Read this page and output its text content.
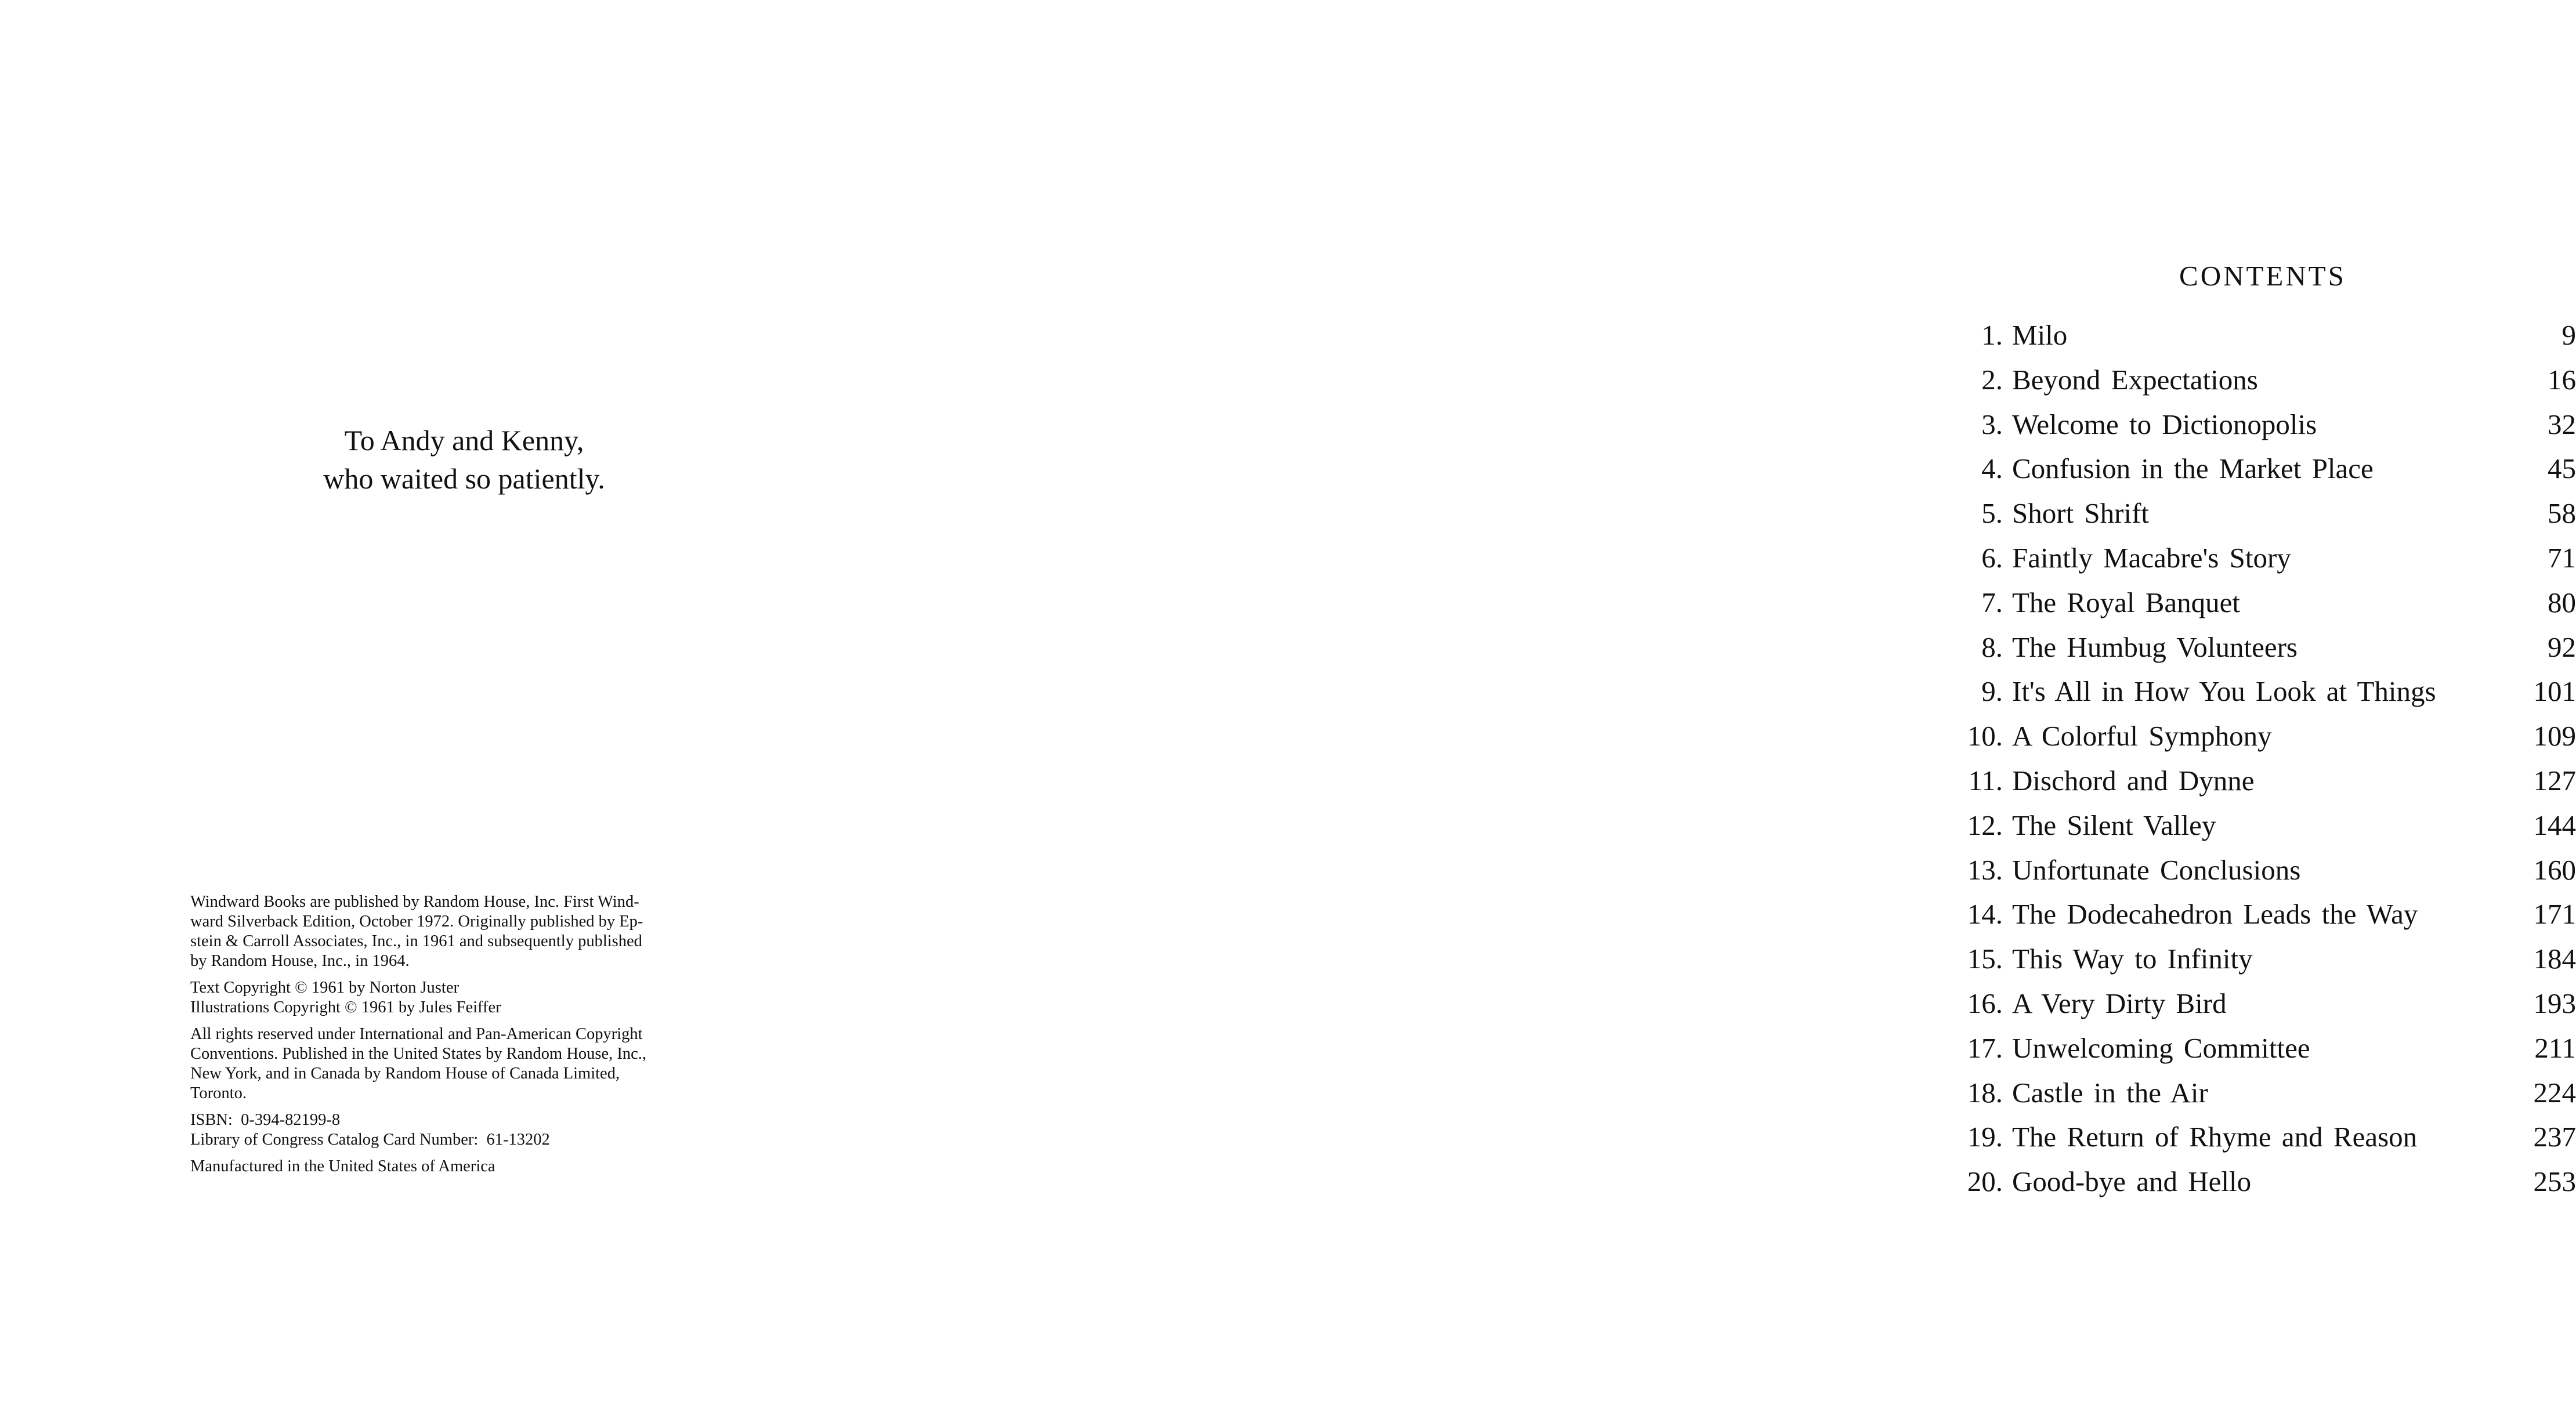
To Andy and Kenny,
who waited so patiently.

Windward Books are published by Random House, Inc. First Wind-
ward Silverback Edition, October 1972. Originally published by Ep-
stein & Carroll Associates, Inc., in 1961 and subsequently published
by Random House, Inc., in 1964.

Text Copyright © 1961 by Norton Juster
Illustrations Copyright © 1961 by Jules Feiffer

All rights reserved under International and Pan-American Copyright
Conventions. Published in the United States by Random House, Inc.,
New York, and in Canada by Random House of Canada Limited,
Toronto.

ISBN:  0-394-82199-8
Library of Congress Catalog Card Number:  61-13202

Manufactured in the United States of America

CONTENTS
1. Milo	9
2. Beyond Expectations	16
3. Welcome to Dictionopolis	32
4. Confusion in the Market Place	45
5. Short Shrift	58
6. Faintly Macabre's Story	71
7. The Royal Banquet	80
8. The Humbug Volunteers	92
9. It's All in How You Look at Things	101
10. A Colorful Symphony	109
11. Dischord and Dynne	127
12. The Silent Valley	144
13. Unfortunate Conclusions	160
14. The Dodecahedron Leads the Way	171
15. This Way to Infinity	184
16. A Very Dirty Bird	193
17. Unwelcoming Committee	211
18. Castle in the Air	224
19. The Return of Rhyme and Reason	237
20. Good-bye and Hello	253
